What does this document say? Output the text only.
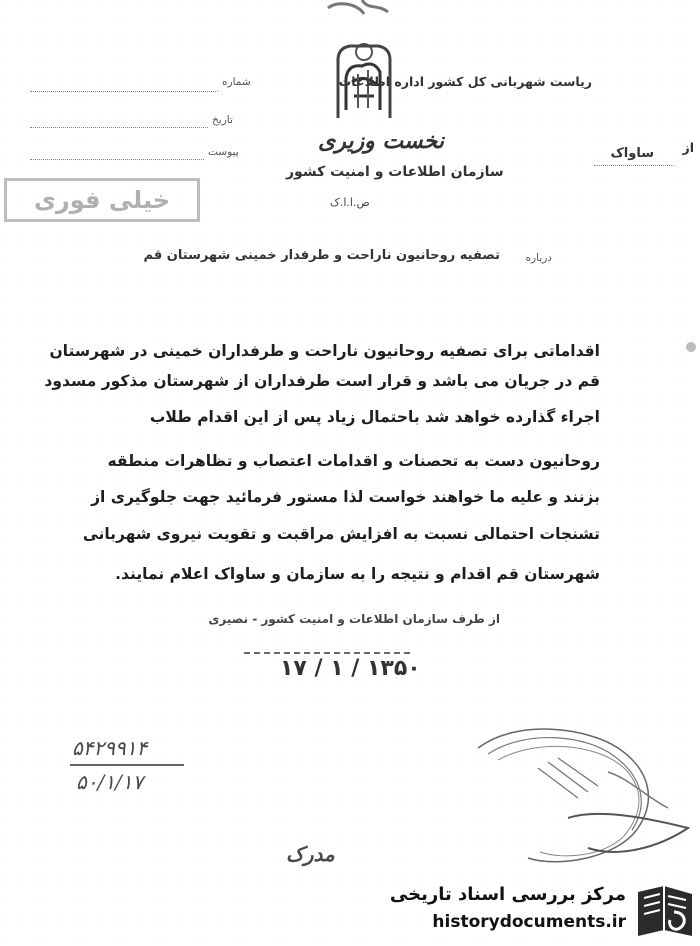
ریاست شهربانی کل کشور اداره اطلاعات
از
ساواک
شماره
تاریخ
پیوست	نخست وزیری
سازمان اطلاعات و امنیت کشور
ص.ا.ا.ک
خیلی فوری
درباره
تصفیه روحانیون ناراحت و طرفدار خمینی شهرستان قم
اقداماتی برای تصفیه روحانیون ناراحت و طرفداران خمینی در شهرستان
قم در جریان می باشد و قرار است طرفداران از شهرستان مذکور مسدود
اجراء گذارده خواهد شد باحتمال زیاد پس از این اقدام طلاب
روحانیون دست به تحصنات و اقدامات اعتصاب و تظاهرات منطقه
بزنند و علیه ما خواهند خواست لذا مستور فرمائید جهت جلوگیری از
تشنجات احتمالی نسبت به افزایش مراقبت و تقویت نیروی شهربانی
شهرستان قم اقدام و نتیجه را به سازمان و ساواک اعلام نمایند.
از طرف سازمان اطلاعات و امنیت کشور - نصیری
۱۷ / ۱ / ۱۳۵۰
۵۴۲۹۹۱۴
۵۰/۱/۱۷
مدرک
مرکز بررسی اسناد تاریخی
historydocuments.ir
